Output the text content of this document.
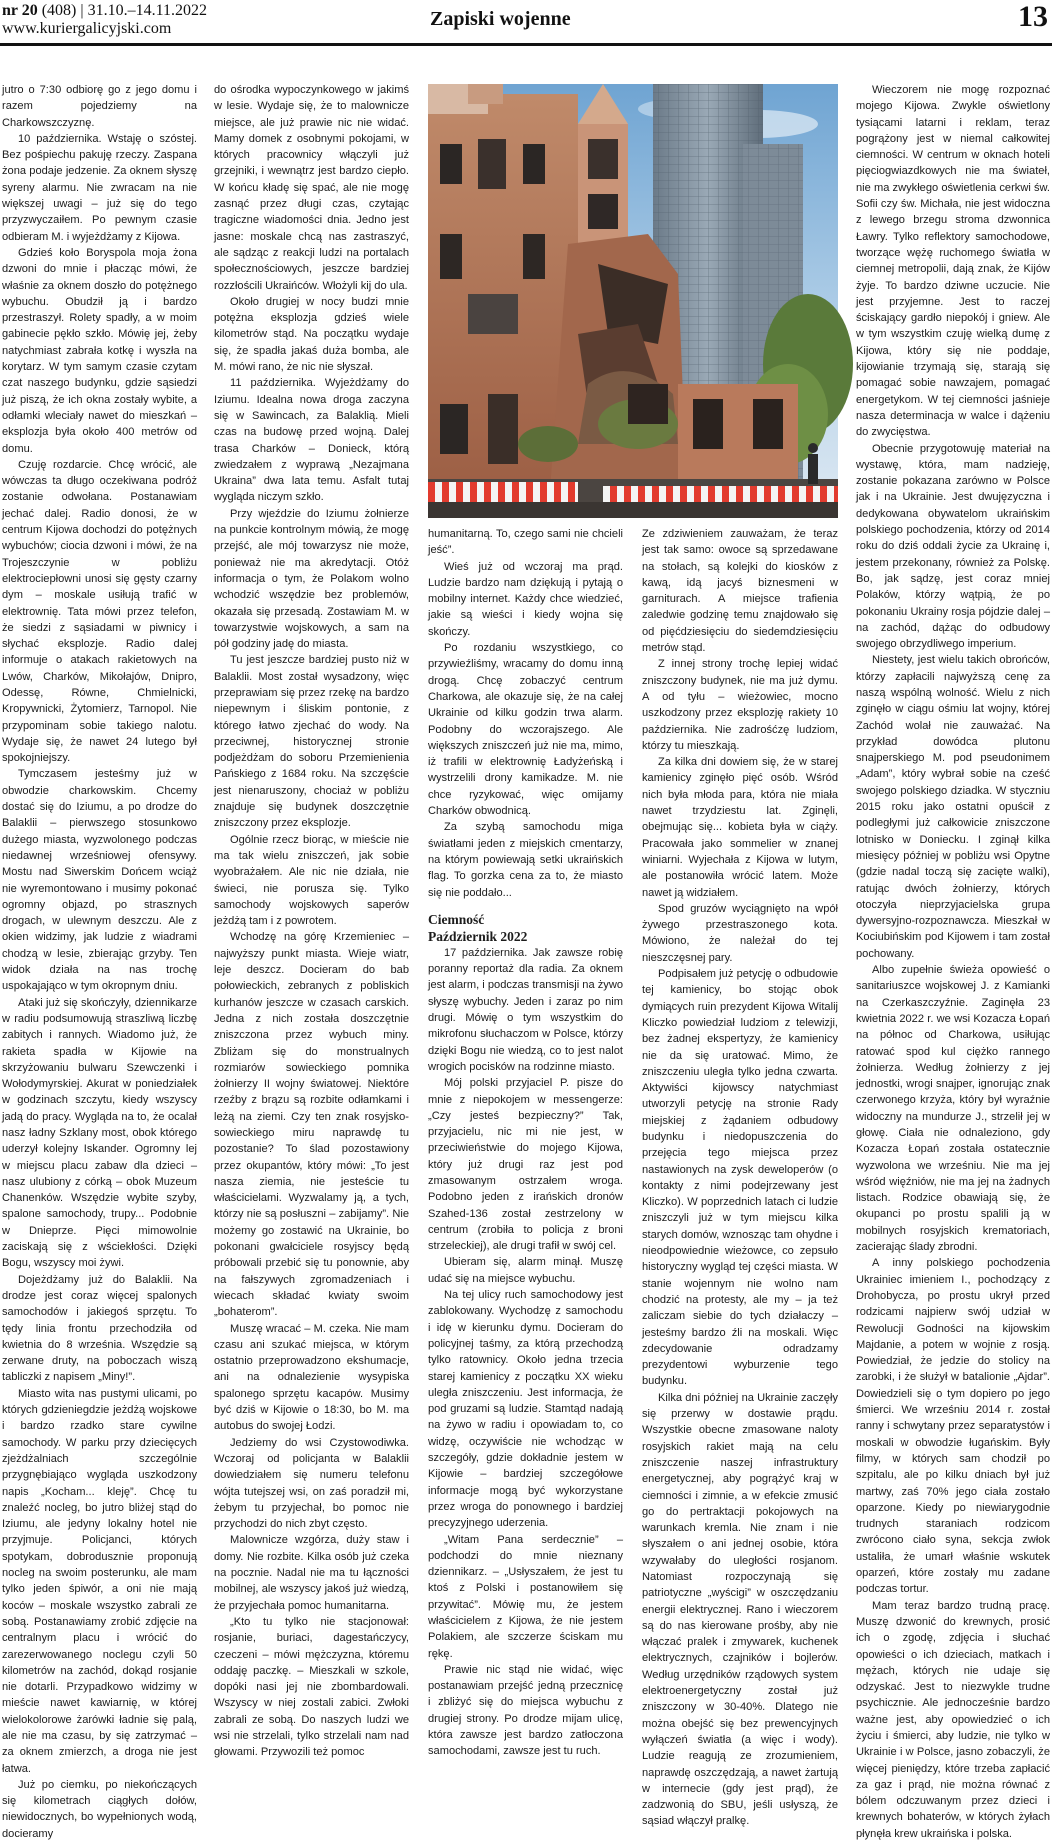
nr 20 (408) | 31.10.–14.11.2022
www.kuriergalicyjski.com	Zapiski wojenne	13

jutro o 7:30 odbiorę go z jego domu i razem pojedziemy na Charkowszczyznę.

10 października. Wstaję o szóstej. Bez pośpiechu pakuję rzeczy. Zaspana żona podaje jedzenie. Za oknem słyszę syreny alarmu. Nie zwracam na nie większej uwagi – już się do tego przyzwyczaiłem. Po pewnym czasie odbieram M. i wyjeżdżamy z Kijowa.

Gdzieś koło Boryspola moja żona dzwoni do mnie i płacząc mówi, że właśnie za oknem doszło do potężnego wybuchu. Obudził ją i bardzo przestraszył. Rolety spadły, a w moim gabinecie pękło szkło. Mówię jej, żeby natychmiast zabrała kotkę i wyszła na korytarz. W tym samym czasie czytam czat naszego budynku, gdzie sąsiedzi już piszą, że ich okna zostały wybite, a odłamki wleciały nawet do mieszkań – eksplozja była około 400 metrów od domu.

Czuję rozdarcie. Chcę wrócić, ale wówczas ta długo oczekiwana podróż zostanie odwołana. Postanawiam jechać dalej. Radio donosi, że w centrum Kijowa dochodzi do potężnych wybuchów; ciocia dzwoni i mówi, że na Trojeszczynie w pobliżu elektrociepłowni unosi się gęsty czarny dym – moskale usiłują trafić w elektrownię. Tata mówi przez telefon, że siedzi z sąsiadami w piwnicy i słychać eksplozje. Radio dalej informuje o atakach rakietowych na Lwów, Charków, Mikołajów, Dnipro, Odessę, Równe, Chmielnicki, Kropywnicki, Żytomierz, Tarnopol. Nie przypominam sobie takiego nalotu. Wydaje się, że nawet 24 lutego był spokojniejszy.

Tymczasem jesteśmy już w obwodzie charkowskim. Chcemy dostać się do Iziumu, a po drodze do Balaklii – pierwszego stosunkowo dużego miasta, wyzwolonego podczas niedawnej wrześniowej ofensywy. Mostu nad Siwerskim Dońcem wciąż nie wyremontowano i musimy pokonać ogromny objazd, po strasznych drogach, w ulewnym deszczu. Ale z okien widzimy, jak ludzie z wiadrami chodzą w lesie, zbierając grzyby. Ten widok działa na nas trochę uspokajająco w tym okropnym dniu.

Ataki już się skończyły, dziennikarze w radiu podsumowują straszliwą liczbę zabitych i rannych. Wiadomo już, że rakieta spadła w Kijowie na skrzyżowaniu bulwaru Szewczenki i Wołodymyrskiej. Akurat w poniedziałek w godzinach szczytu, kiedy wszyscy jadą do pracy. Wygląda na to, że ocalał nasz ładny Szklany most, obok którego uderzył kolejny Iskander. Ogromny lej w miejscu placu zabaw dla dzieci – nasz ulubiony z córką – obok Muzeum Chanenków. Wszędzie wybite szyby, spalone samochody, trupy... Podobnie w Dnieprze. Pięci mimowolnie zaciskają się z wściekłości. Dzięki Bogu, wszyscy moi żywi.

Dojeżdżamy już do Balaklii. Na drodze jest coraz więcej spalonych samochodów i jakiegoś sprzętu. To tędy linia frontu przechodziła od kwietnia do 8 września. Wszędzie są zerwane druty, na poboczach wiszą tabliczki z napisem „Miny!”.

Miasto wita nas pustymi ulicami, po których gdzieniegdzie jeżdżą wojskowe i bardzo rzadko stare cywilne samochody. W parku przy dziecięcych zjeżdżalniach szczególnie przygnębiająco wygląda uszkodzony napis „Kocham... kleję”. Chcę tu znaleźć nocleg, bo jutro bliżej stąd do Iziumu, ale jedyny lokalny hotel nie przyjmuje. Policjanci, których spotykam, dobrodusznie proponują nocleg na swoim posterunku, ale mam tylko jeden śpiwór, a oni nie mają koców – moskale wszystko zabrali ze sobą. Postanawiamy zrobić zdjęcie na centralnym placu i wrócić do zarezerwowanego noclegu czyli 50 kilometrów na zachód, dokąd rosjanie nie dotarli. Przypadkowo widzimy w mieście nawet kawiarnię, w której wielokolorowe żarówki ładnie się palą, ale nie ma czasu, by się zatrzymać – za oknem zmierzch, a droga nie jest łatwa.

Już po ciemku, po niekończących się kilometrach ciągłych dołów, niewidocznych, bo wypełnionych wodą, docieramy

do ośrodka wypoczynkowego w jakimś w lesie. Wydaje się, że to malownicze miejsce, ale już prawie nic nie widać. Mamy domek z osobnymi pokojami, w których pracownicy włączyli już grzejniki, i wewnątrz jest bardzo ciepło. W końcu kładę się spać, ale nie mogę zasnąć przez długi czas, czytając tragiczne wiadomości dnia. Jedno jest jasne: moskale chcą nas zastraszyć, ale sądząc z reakcji ludzi na portalach społecznościowych, jeszcze bardziej rozzłościli Ukraińców. Włożyli kij do ula.

Około drugiej w nocy budzi mnie potężna eksplozja gdzieś wiele kilometrów stąd. Na początku wydaje się, że spadła jakaś duża bomba, ale M. mówi rano, że nic nie słyszał.

11 października. Wyjeżdżamy do Iziumu. Idealna nowa droga zaczyna się w Sawincach, za Balaklią. Mieli czas na budowę przed wojną. Dalej trasa Charków – Donieck, którą zwiedzałem z wyprawą „Nezajmana Ukraina” dwa lata temu. Asfalt tutaj wygląda niczym szkło.

Przy wjeździe do Iziumu żołnierze na punkcie kontrolnym mówią, że mogę przejść, ale mój towarzysz nie może, ponieważ nie ma akredytacji. Otóż informacja o tym, że Polakom wolno wchodzić wszędzie bez problemów, okazała się przesadą. Zostawiam M. w towarzystwie wojskowych, a sam na pół godziny jadę do miasta.

Tu jest jeszcze bardziej pusto niż w Balaklii. Most został wysadzony, więc przeprawiam się przez rzekę na bardzo niepewnym i śliskim pontonie, z którego łatwo zjechać do wody. Na przeciwnej, historycznej stronie podjeżdżam do soboru Przemienienia Pańskiego z 1684 roku. Na szczęście jest nienaruszony, chociaż w pobliżu znajduje się budynek doszczętnie zniszczony przez eksplozje.

Ogólnie rzecz biorąc, w mieście nie ma tak wielu zniszczeń, jak sobie wyobrażałem. Ale nic nie działa, nie świeci, nie porusza się. Tylko samochody wojskowych saperów jeżdżą tam i z powrotem.

Wchodzę na górę Krzemieniec – najwyższy punkt miasta. Wieje wiatr, leje deszcz. Docieram do bab połowieckich, zebranych z pobliskich kurhanów jeszcze w czasach carskich. Jedna z nich została doszczętnie zniszczona przez wybuch miny. Zbliżam się do monstrualnych rozmiarów sowieckiego pomnika żołnierzy II wojny światowej. Niektóre rzeźby z brązu są rozbite odłamkami i leżą na ziemi. Czy ten znak rosyjsko-sowieckiego miru naprawdę tu pozostanie? To ślad pozostawiony przez okupantów, który mówi: „To jest nasza ziemia, nie jesteście tu właścicielami. Wyzwalamy ją, a tych, którzy nie są posłuszni – zabijamy”. Nie możemy go zostawić na Ukrainie, bo pokonani gwałciciele rosyjscy będą próbowali przebić się tu ponownie, aby na fałszywych zgromadzeniach i wiecach składać kwiaty swoim „bohaterom”.

Muszę wracać – M. czeka. Nie mam czasu ani szukać miejsca, w którym ostatnio przeprowadzono ekshumacje, ani na odnalezienie wysypiska spalonego sprzętu kacapów. Musimy być dziś w Kijowie o 18:30, bo M. ma autobus do swojej Łodzi.

Jedziemy do wsi Czystowodiwka. Wczoraj od policjanta w Balaklii dowiedziałem się numeru telefonu wójta tutejszej wsi, on zaś poradził mi, żebym tu przyjechał, bo pomoc nie przychodzi do nich zbyt często.

Malownicze wzgórza, duży staw i domy. Nie rozbite. Kilka osób już czeka na pocznie. Nadal nie ma tu łączności mobilnej, ale wszyscy jakoś już wiedzą, że przyjechała pomoc humanitarna.

„Kto tu tylko nie stacjonował: rosjanie, buriaci, dagestańczycy, czeczeni – mówi mężczyzna, któremu oddaję paczkę. – Mieszkali w szkole, dopóki nasi jej nie zbombardowali. Wszyscy w niej zostali zabici. Zwłoki zabrali ze sobą. Do naszych ludzi we wsi nie strzelali, tylko strzelali nam nad głowami. Przywozili też pomoc

humanitarną. To, czego sami nie chcieli jeść”.

Wieś już od wczoraj ma prąd. Ludzie bardzo nam dziękują i pytają o mobilny internet. Każdy chce wiedzieć, jakie są wieści i kiedy wojna się skończy.

Po rozdaniu wszystkiego, co przywieźliśmy, wracamy do domu inną drogą. Chcę zobaczyć centrum Charkowa, ale okazuje się, że na całej Ukrainie od kilku godzin trwa alarm. Podobny do wczorajszego. Ale większych zniszczeń już nie ma, mimo, iż trafili w elektrownię Ładyżeńską i wystrzelili drony kamikadze. M. nie chce ryzykować, więc omijamy Charków obwodnicą.

Za szybą samochodu miga światłami jeden z miejskich cmentarzy, na którym powiewają setki ukraińskich flag. To gorzka cena za to, że miasto się nie poddało...

Ciemność
Październik 2022

17 października. Jak zawsze robię poranny reportaż dla radia. Za oknem jest alarm, i podczas transmisji na żywo słyszę wybuchy. Jeden i zaraz po nim drugi. Mówię o tym wszystkim do mikrofonu słuchaczom w Polsce, którzy dzięki Bogu nie wiedzą, co to jest nalot wrogich pocisków na rodzinne miasto.

Mój polski przyjaciel P. pisze do mnie z niepokojem w messengerze: „Czy jesteś bezpieczny?” Tak, przyjacielu, nic mi nie jest, w przeciwieństwie do mojego Kijowa, który już drugi raz jest pod zmasowanym ostrzałem wroga. Podobno jeden z irańskich dronów Szahed-136 został zestrzelony w centrum (zrobiła to policja z broni strzeleckiej), ale drugi trafił w swój cel.

Ubieram się, alarm minął. Muszę udać się na miejsce wybuchu.

Na tej ulicy ruch samochodowy jest zablokowany. Wychodzę z samochodu i idę w kierunku dymu. Docieram do policyjnej taśmy, za którą przechodzą tylko ratownicy. Około jedna trzecia starej kamienicy z początku XX wieku uległa zniszczeniu. Jest informacja, że pod gruzami są ludzie. Stamtąd nadają na żywo w radiu i opowiadam to, co widzę, oczywiście nie wchodząc w szczegóły, gdzie dokładnie jestem w Kijowie – bardziej szczegółowe informacje mogą być wykorzystane przez wroga do ponownego i bardziej precyzyjnego uderzenia.

„Witam Pana serdecznie” – podchodzi do mnie nieznany dziennikarz. – „Usłyszałem, że jest tu ktoś z Polski i postanowiłem się przywitać”. Mówię mu, że jestem właścicielem z Kijowa, że nie jestem Polakiem, ale szczerze ściskam mu rękę.

Prawie nic stąd nie widać, więc postanawiam przejść jedną przecznicę i zbliżyć się do miejsca wybuchu z drugiej strony. Po drodze mijam ulicę, która zawsze jest bardzo zatłoczona samochodami, zawsze jest tu ruch.

Ze zdziwieniem zauważam, że teraz jest tak samo: owoce są sprzedawane na stołach, są kolejki do kiosków z kawą, idą jacyś biznesmeni w garniturach. A miejsce trafienia zaledwie godzinę temu znajdowało się od pięćdziesięciu do siedemdziesięciu metrów stąd.

Z innej strony trochę lepiej widać zniszczony budynek, nie ma już dymu. A od tyłu – wieżowiec, mocno uszkodzony przez eksplozję rakiety 10 października. Nie zadrośćzę ludziom, którzy tu mieszkają.

Za kilka dni dowiem się, że w starej kamienicy zginęło pięć osób. Wśród nich była młoda para, która nie miała nawet trzydziestu lat. Zginęli, obejmując się... kobieta była w ciąży. Pracowała jako sommelier w znanej winiarni. Wyjechała z Kijowa w lutym, ale postanowiła wrócić latem. Może nawet ją widziałem.

Spod gruzów wyciągnięto na wpół żywego przestraszonego kota. Mówiono, że należał do tej nieszczęsnej pary.

Podpisałem już petycję o odbudowie tej kamienicy, bo stojąc obok dymiących ruin prezydent Kijowa Witalij Kliczko powiedział ludziom z telewizji, bez żadnej ekspertyzy, że kamienicy nie da się uratować. Mimo, że zniszczeniu uległa tylko jedna czwarta. Aktywiści kijowscy natychmiast utworzyli petycję na stronie Rady miejskiej z żądaniem odbudowy budynku i niedopuszczenia do przejęcia tego miejsca przez nastawionych na zysk deweloperów (o kontakty z nimi podejrzewany jest Kliczko). W poprzednich latach ci ludzie zniszczyli już w tym miejscu kilka starych domów, wznosząc tam ohydne i nieodpowiednie wieżowce, co zepsuło historyczny wygląd tej części miasta. W stanie wojennym nie wolno nam chodzić na protesty, ale my – ja też zaliczam siebie do tych działaczy – jesteśmy bardzo źli na moskali. Więc zdecydowanie odradzamy prezydentowi wyburzenie tego budynku.

Kilka dni później na Ukrainie zaczęły się przerwy w dostawie prądu. Wszystkie obecne zmasowane naloty rosyjskich rakiet mają na celu zniszczenie naszej infrastruktury energetycznej, aby pogrążyć kraj w ciemności i zimnie, a w efekcie zmusić go do pertraktacji pokojowych na warunkach kremla. Nie znam i nie słyszałem o ani jednej osobie, która wzywałaby do uległości rosjanom. Natomiast rozpoczynają się patriotyczne „wyścigi” w oszczędzaniu energii elektrycznej. Rano i wieczorem są do nas kierowane prośby, aby nie włączać pralek i zmywarek, kuchenek elektrycznych, czajników i bojlerów. Według urzędników rządowych system elektroenergetyczny został już zniszczony w 30-40%. Dlatego nie można obejść się bez prewencyjnych wyłączeń światła (a więc i wody). Ludzie reagują ze zrozumieniem, naprawdę oszczędzają, a nawet żartują w internecie (gdy jest prąd), że zadzwonią do SBU, jeśli usłyszą, że sąsiad włączył pralkę.

Wieczorem nie mogę rozpoznać mojego Kijowa. Zwykle oświetlony tysiącami latarni i reklam, teraz pogrążony jest w niemal całkowitej ciemności. W centrum w oknach hoteli pięciogwiazdkowych nie ma świateł, nie ma zwykłego oświetlenia cerkwi św. Sofii czy św. Michała, nie jest widoczna z lewego brzegu stroma dzwonnica Ławry. Tylko reflektory samochodowe, tworzące wężę ruchomego światła w ciemnej metropolii, dają znak, że Kijów żyje. To bardzo dziwne uczucie. Nie jest przyjemne. Jest to raczej ściskający gardło niepokój i gniew. Ale w tym wszystkim czuję wielką dumę z Kijowa, który się nie poddaje, kijowianie trzymają się, starają się pomagać sobie nawzajem, pomagać energetykom. W tej ciemności jaśnieje nasza determinacja w walce i dążeniu do zwycięstwa.

Obecnie przygotowuję materiał na wystawę, która, mam nadzieję, zostanie pokazana zarówno w Polsce jak i na Ukrainie. Jest dwujęzyczna i dedykowana obywatelom ukraińskim polskiego pochodzenia, którzy od 2014 roku do dziś oddali życie za Ukrainę i, jestem przekonany, również za Polskę. Bo, jak sądzę, jest coraz mniej Polaków, którzy wątpią, że po pokonaniu Ukrainy rosja pójdzie dalej – na zachód, dążąc do odbudowy swojego obrzydliwego imperium.

Niestety, jest wielu takich obrońców, którzy zapłacili najwyższą cenę za naszą wspólną wolność. Wielu z nich zginęło w ciągu ośmiu lat wojny, której Zachód wolał nie zauważać. Na przykład dowódca plutonu snajperskiego M. pod pseudonimem „Adam”, który wybrał sobie na cześć swojego polskiego dziadka. W styczniu 2015 roku jako ostatni opuścił z podległymi już całkowicie zniszczone lotnisko w Doniecku. I zginął kilka miesięcy później w pobliżu wsi Opytne (gdzie nadal toczą się zacięte walki), ratując dwóch żołnierzy, których otoczyła nieprzyjacielska grupa dywersyjno-rozpoznawcza. Mieszkał w Kociubińskim pod Kijowem i tam został pochowany.

Albo zupełnie świeża opowieść o sanitariuszce wojskowej J. z Kamianki na Czerkaszczyźnie. Zaginęła 23 kwietnia 2022 r. we wsi Kozacza Łopań na północ od Charkowa, usiłując ratować spod kul ciężko rannego żołnierza. Według żołnierzy z jej jednostki, wrogi snajper, ignorując znak czerwonego krzyża, który był wyraźnie widoczny na mundurze J., strzelił jej w głowę. Ciała nie odnaleziono, gdy Kozacza Łopań została ostatecznie wyzwolona we wrześniu. Nie ma jej wśród więźniów, nie ma jej na żadnych listach. Rodzice obawiają się, że okupanci po prostu spalili ją w mobilnych rosyjskich krematoriach, zacierając ślady zbrodni.

A inny polskiego pochodzenia Ukrainiec imieniem I., pochodzący z Drohobycza, po prostu ukrył przed rodzicami najpierw swój udział w Rewolucji Godności na kijowskim Majdanie, a potem w wojnie z rosją. Powiedział, że jedzie do stolicy na zarobki, i że służył w batalionie „Ajdar”. Dowiedzieli się o tym dopiero po jego śmierci. We wrześniu 2014 r. został ranny i schwytany przez separatystów i moskali w obwodzie ługańskim. Były filmy, w których sam chodził po szpitalu, ale po kilku dniach był już martwy, zaś 70% jego ciała zostało oparzone. Kiedy po niewiarygodnie trudnych staraniach rodzicom zwrócono ciało syna, sekcja zwłok ustaliła, że umarł właśnie wskutek oparzeń, które zostały mu zadane podczas tortur.

Mam teraz bardzo trudną pracę. Muszę dzwonić do krewnych, prosić ich o zgodę, zdjęcia i słuchać opowieści o ich dzieciach, matkach i mężach, których nie udaje się odzyskać. Jest to niezwykle trudne psychicznie. Ale jednocześnie bardzo ważne jest, aby opowiedzieć o ich życiu i śmierci, aby ludzie, nie tylko w Ukrainie i w Polsce, jasno zobaczyli, że więcej pieniędzy, które trzeba zapłacić za gaz i prąd, nie można równać z bólem odczuwanym przez dzieci i krewnych bohaterów, w których żyłach płynęła krew ukraińska i polska.
